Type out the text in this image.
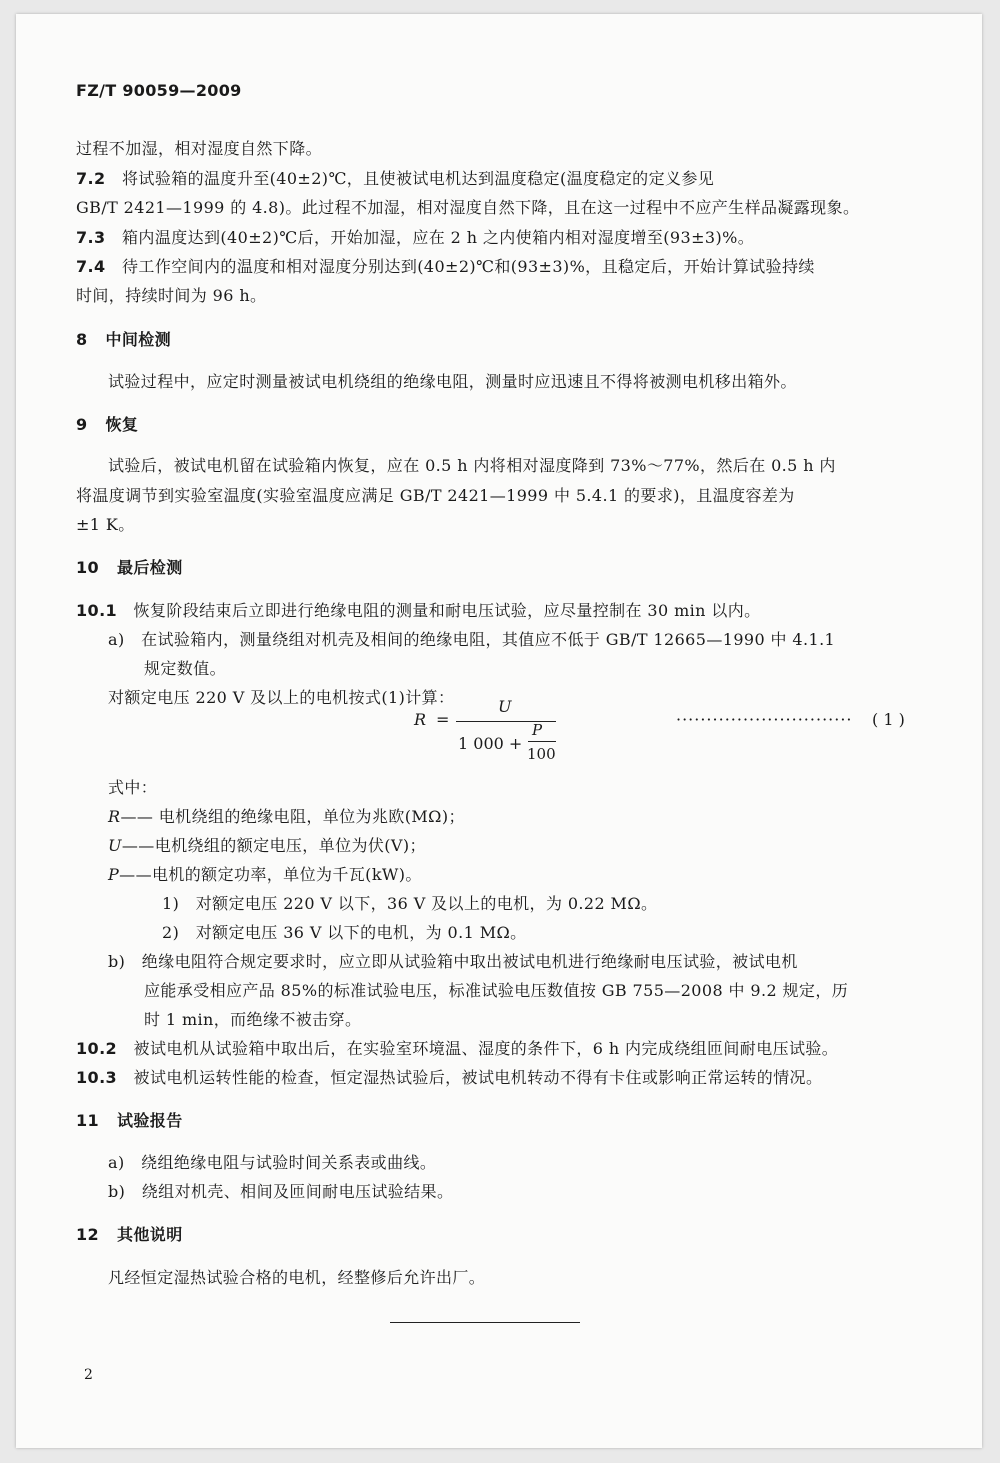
FZ/T 90059—2009
过程不加湿，相对湿度自然下降。
7.2 将试验箱的温度升至(40±2)℃，且使被试电机达到温度稳定(温度稳定的定义参见
GB/T 2421—1999 的 4.8)。此过程不加湿，相对湿度自然下降，且在这一过程中不应产生样品凝露现象。
7.3 箱内温度达到(40±2)℃后，开始加湿，应在 2 h 之内使箱内相对湿度增至(93±3)%。
7.4 待工作空间内的温度和相对湿度分别达到(40±2)℃和(93±3)%，且稳定后，开始计算试验持续
时间，持续时间为 96 h。
8 中间检测
试验过程中，应定时测量被试电机绕组的绝缘电阻，测量时应迅速且不得将被测电机移出箱外。
9 恢复
试验后，被试电机留在试验箱内恢复，应在 0.5 h 内将相对湿度降到 73%～77%，然后在 0.5 h 内
将温度调节到实验室温度(实验室温度应满足 GB/T 2421—1999 中 5.4.1 的要求)，且温度容差为
±1 K。
10 最后检测
10.1 恢复阶段结束后立即进行绝缘电阻的测量和耐电压试验，应尽量控制在 30 min 以内。
a) 在试验箱内，测量绕组对机壳及相间的绝缘电阻，其值应不低于 GB/T 12665—1990 中 4.1.1
规定数值。
对额定电压 220 V 及以上的电机按式(1)计算：
R =
U
1 000 +
P
100
····························· ( 1 )
式中：
R—— 电机绕组的绝缘电阻，单位为兆欧(MΩ)；
U——电机绕组的额定电压，单位为伏(V)；
P——电机的额定功率，单位为千瓦(kW)。
1) 对额定电压 220 V 以下，36 V 及以上的电机，为 0.22 MΩ。
2) 对额定电压 36 V 以下的电机，为 0.1 MΩ。
b) 绝缘电阻符合规定要求时，应立即从试验箱中取出被试电机进行绝缘耐电压试验，被试电机
应能承受相应产品 85%的标准试验电压，标准试验电压数值按 GB 755—2008 中 9.2 规定，历
时 1 min，而绝缘不被击穿。
10.2 被试电机从试验箱中取出后，在实验室环境温、湿度的条件下，6 h 内完成绕组匝间耐电压试验。
10.3 被试电机运转性能的检查，恒定湿热试验后，被试电机转动不得有卡住或影响正常运转的情况。
11 试验报告
a) 绕组绝缘电阻与试验时间关系表或曲线。
b) 绕组对机壳、相间及匝间耐电压试验结果。
12 其他说明
凡经恒定湿热试验合格的电机，经整修后允许出厂。
2
